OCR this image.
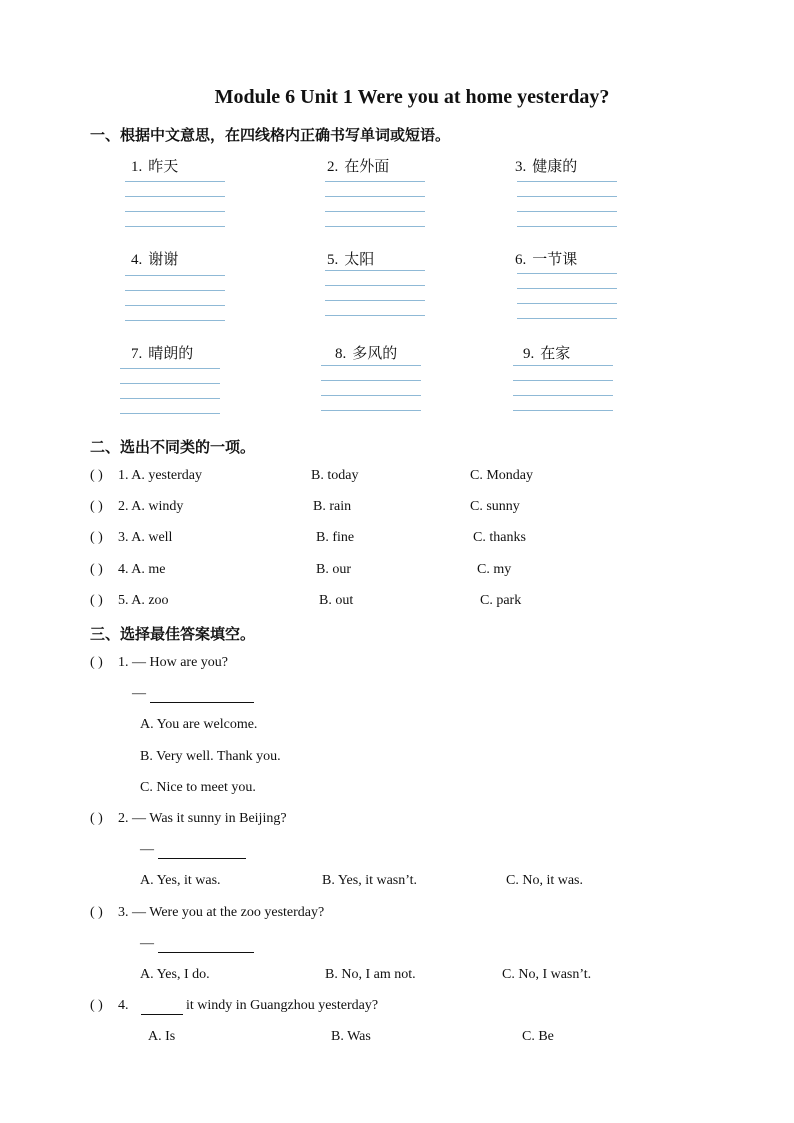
Module 6 Unit 1 Were you at home yesterday?
一、根据中文意思，在四线格内正确书写单词或短语。
1. 昨天	2. 在外面	3. 健康的
4. 谢谢	5. 太阳	6. 一节课
7. 晴朗的	8. 多风的	9. 在家
二、选出不同类的一项。
( ) 1. A. yesterday	B. today	C. Monday
( ) 2. A. windy	B. rain	C. sunny
( ) 3. A. well	B. fine	C. thanks
( ) 4. A. me	B. our	C. my
( ) 5. A. zoo	B. out	C. park
三、选择最佳答案填空。
( ) 1. — How are you?
—
A. You are welcome.
B. Very well. Thank you.
C. Nice to meet you.
( ) 2. — Was it sunny in Beijing?
—
A. Yes, it was.	B. Yes, it wasn’t.	C. No, it was.
( ) 3. — Were you at the zoo yesterday?
—
A. Yes, I do.	B. No, I am not.	C. No, I wasn’t.
( ) 4.	it windy in Guangzhou yesterday?
A. Is	B. Was	C. Be
